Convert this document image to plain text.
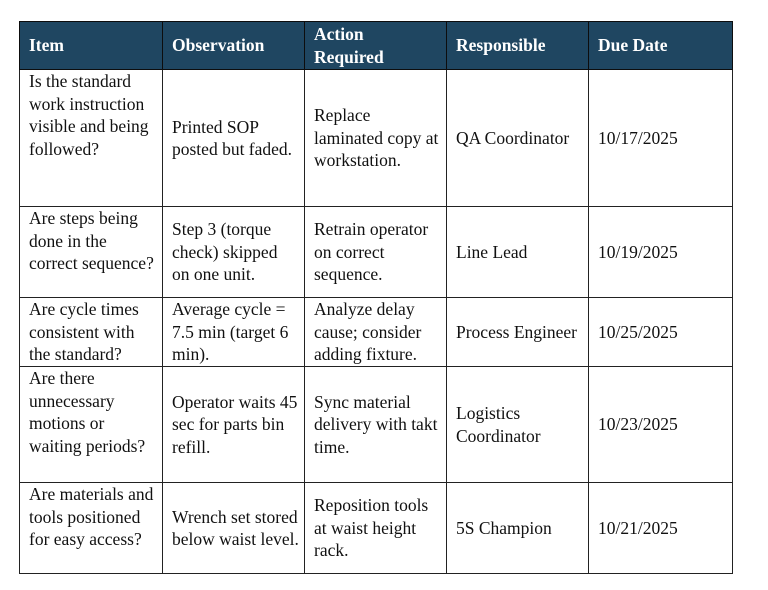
Item	Observation	Action Required	Responsible	Due Date
Is the standard work instruction visible and being followed?	Printed SOP posted but faded.	Replace laminated copy at workstation.	QA Coordinator	10/17/2025
Are steps being done in the correct sequence?	Step 3 (torque check) skipped on one unit.	Retrain operator on correct sequence.	Line Lead	10/19/2025
Are cycle times consistent with the standard?	Average cycle = 7.5 min (target 6 min).	Analyze delay cause; consider adding fixture.	Process Engineer	10/25/2025
Are there unnecessary motions or waiting periods?	Operator waits 45 sec for parts bin refill.	Sync material delivery with takt time.	Logistics Coordinator	10/23/2025
Are materials and tools positioned for easy access?	Wrench set stored below waist level.	Reposition tools at waist height rack.	5S Champion	10/21/2025
